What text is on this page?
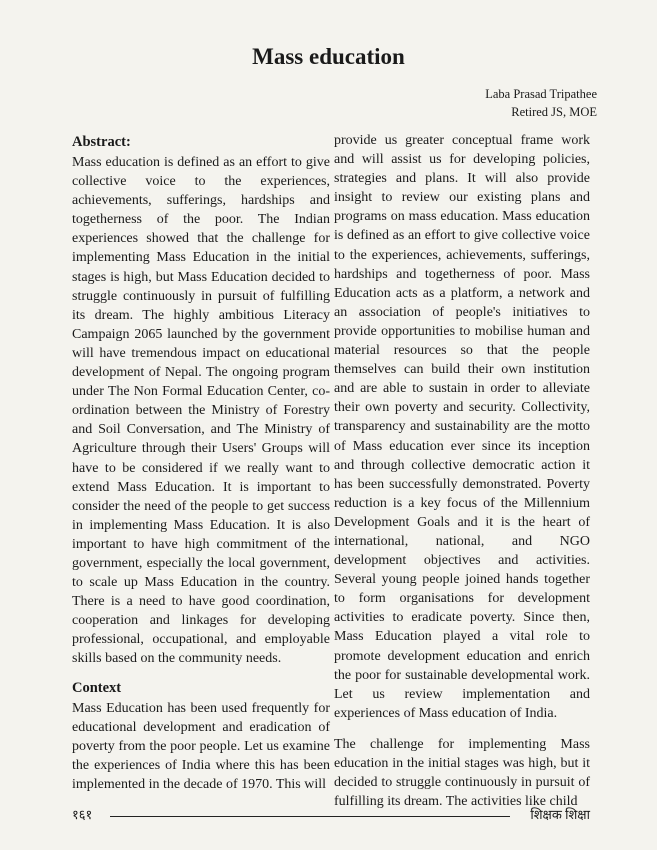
Mass education
Laba Prasad Tripathee
Retired JS, MOE
Abstract:

Mass education is defined as an effort to give collective voice to the experiences, achievements, sufferings, hardships and togetherness of the poor. The Indian experiences showed that the challenge for implementing Mass Education in the initial stages is high, but Mass Education decided to struggle continuously in pursuit of fulfilling its dream. The highly ambitious Literacy Campaign 2065 launched by the government will have tremendous impact on educational development of Nepal. The ongoing program under The Non Formal Education Center, co-ordination between the Ministry of Forestry and Soil Conversation, and The Ministry of Agriculture through their Users' Groups will have to be considered if we really want to extend Mass Education. It is important to consider the need of the people to get success in implementing Mass Education. It is also important to have high commitment of the government, especially the local government, to scale up Mass Education in the country. There is a need to have good coordination, cooperation and linkages for developing professional, occupational, and employable skills based on the community needs.

Context

Mass Education has been used frequently for educational development and eradication of poverty from the poor people. Let us examine the experiences of India where this has been implemented in the decade of 1970. This will

provide us greater conceptual frame work and will assist us for developing policies, strategies and plans. It will also provide insight to review our existing plans and programs on mass education. Mass education is defined as an effort to give collective voice to the experiences, achievements, sufferings, hardships and togetherness of poor. Mass Education acts as a platform, a network and an association of people's initiatives to provide opportunities to mobilise human and material resources so that the people themselves can build their own institution and are able to sustain in order to alleviate their own poverty and security. Collectivity, transparency and sustainability are the motto of Mass education ever since its inception and through collective democratic action it has been successfully demonstrated. Poverty reduction is a key focus of the Millennium Development Goals and it is the heart of international, national, and NGO development objectives and activities. Several young people joined hands together to form organisations for development activities to eradicate poverty. Since then, Mass Education played a vital role to promote development education and enrich the poor for sustainable developmental work. Let us review implementation and experiences of Mass education of India.

The challenge for implementing Mass education in the initial stages was high, but it decided to struggle continuously in pursuit of fulfilling its dream. The activities like child

१६१	शिक्षक शिक्षा
